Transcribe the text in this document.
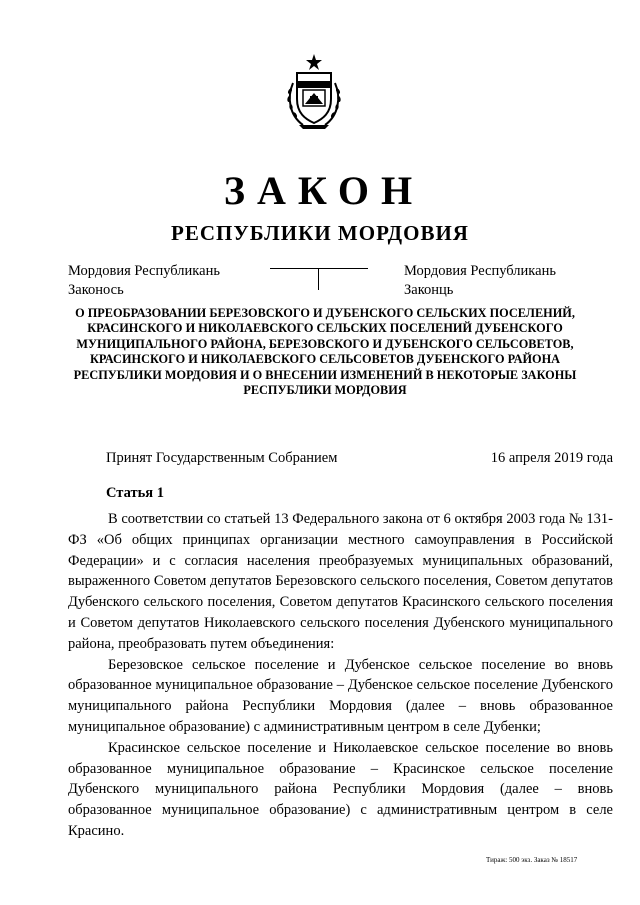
ЗАКОН
РЕСПУБЛИКИ МОРДОВИЯ
Мордовия Республикань
Законось
Мордовия Республикань
Законць
О ПРЕОБРАЗОВАНИИ БЕРЕЗОВСКОГО И ДУБЕНСКОГО СЕЛЬСКИХ ПОСЕЛЕНИЙ, КРАСИНСКОГО И НИКОЛАЕВСКОГО СЕЛЬСКИХ ПОСЕЛЕНИЙ ДУБЕНСКОГО МУНИЦИПАЛЬНОГО РАЙОНА, БЕРЕЗОВСКОГО И ДУБЕНСКОГО СЕЛЬСОВЕТОВ, КРАСИНСКОГО И НИКОЛАЕВСКОГО СЕЛЬСОВЕТОВ ДУБЕНСКОГО РАЙОНА РЕСПУБЛИКИ МОРДОВИЯ И О ВНЕСЕНИИ ИЗМЕНЕНИЙ В НЕКОТОРЫЕ ЗАКОНЫ РЕСПУБЛИКИ МОРДОВИЯ
Принят Государственным Собранием	16 апреля 2019 года
Статья 1

В соответствии со статьей 13 Федерального закона от 6 октября 2003 года № 131-ФЗ «Об общих принципах организации местного самоуправления в Российской Федерации» и с согласия населения преобразуемых муниципальных образований, выраженного Советом депутатов Березовского сельского поселения, Советом депутатов Дубенского сельского поселения, Советом депутатов Красинского сельского поселения и Советом депутатов Николаевского сельского поселения Дубенского муниципального района, преобразовать путем объединения:

Березовское сельское поселение и Дубенское сельское поселение во вновь образованное муниципальное образование – Дубенское сельское поселение Дубенского муниципального района Республики Мордовия (далее – вновь образованное муниципальное образование) с административным центром в селе Дубенки;

Красинское сельское поселение и Николаевское сельское поселение во вновь образованное муниципальное образование – Красинское сельское поселение Дубенского муниципального района Республики Мордовия (далее – вновь образованное муниципальное образование) с административным центром в селе Красино.

Тираж: 500 экз. Заказ № 18517
